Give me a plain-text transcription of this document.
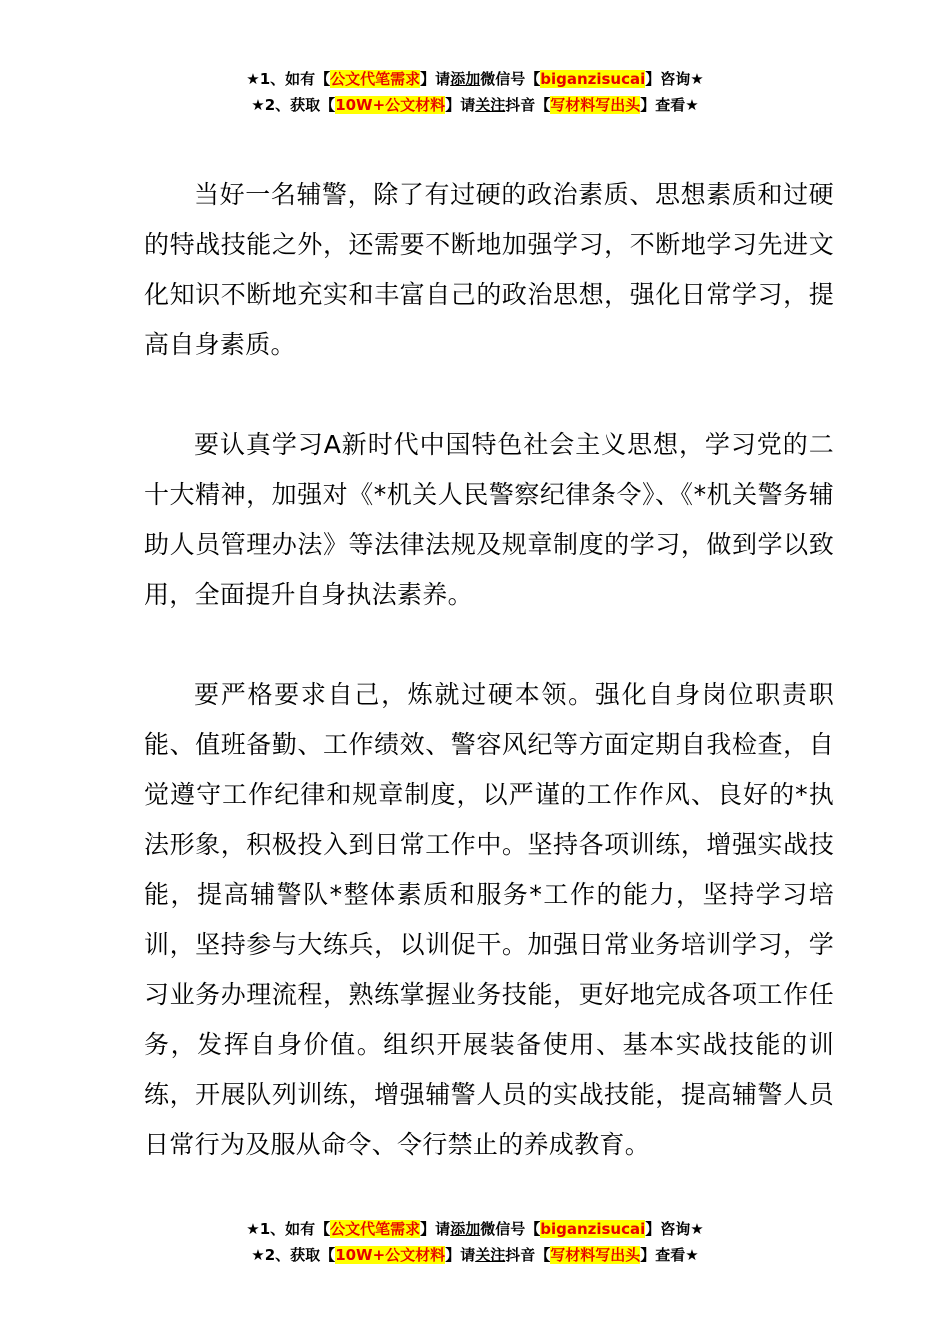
★1、如有【公文代笔需求】请添加微信号【biganzisucai】咨询★
★2、获取【10W+公文材料】请关注抖音【写材料写出头】查看★

当好一名辅警，除了有过硬的政治素质、思想素质和过硬的特战技能之外，还需要不断地加强学习，不断地学习先进文化知识不断地充实和丰富自己的政治思想，强化日常学习，提高自身素质。

要认真学习A新时代中国特色社会主义思想，学习党的二十大精神，加强对《*机关人民警察纪律条令》、《*机关警务辅助人员管理办法》等法律法规及规章制度的学习，做到学以致用，全面提升自身执法素养。

要严格要求自己，炼就过硬本领。强化自身岗位职责职能、值班备勤、工作绩效、警容风纪等方面定期自我检查，自觉遵守工作纪律和规章制度，以严谨的工作作风、良好的*执法形象，积极投入到日常工作中。坚持各项训练，增强实战技能，提高辅警队*整体素质和服务*工作的能力，坚持学习培训，坚持参与大练兵，以训促干。加强日常业务培训学习，学习业务办理流程，熟练掌握业务技能，更好地完成各项工作任务，发挥自身价值。组织开展装备使用、基本实战技能的训练，开展队列训练，增强辅警人员的实战技能，提高辅警人员日常行为及服从命令、令行禁止的养成教育。

★1、如有【公文代笔需求】请添加微信号【biganzisucai】咨询★
★2、获取【10W+公文材料】请关注抖音【写材料写出头】查看★
